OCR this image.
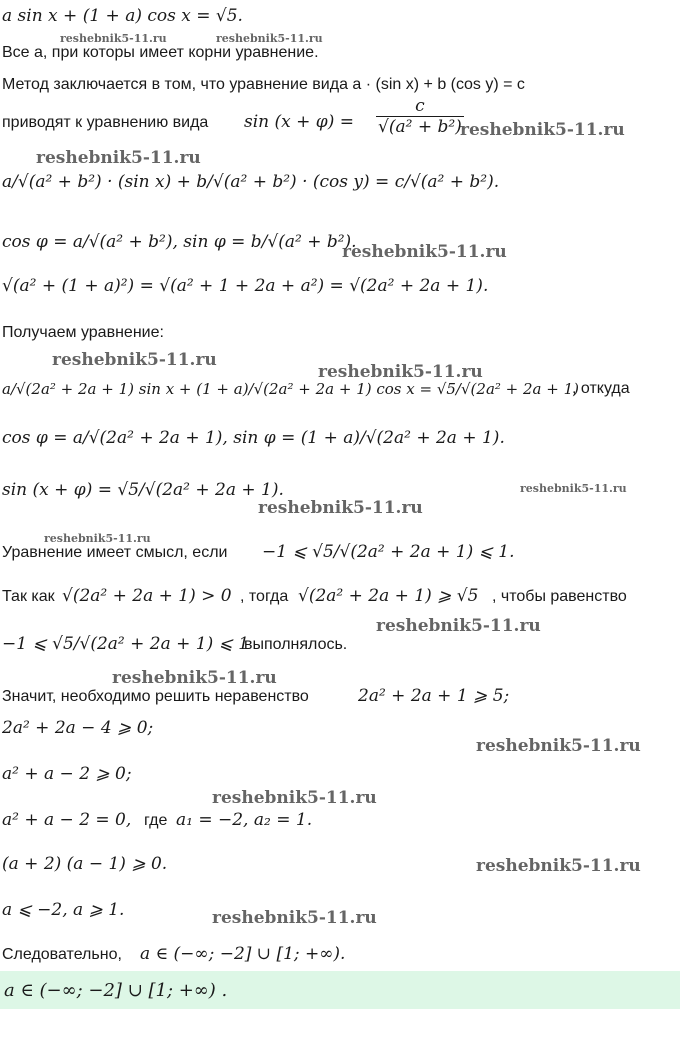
a sin x + (1 + a) cos x = √5.
reshebnik5-11.ru	reshebnik5-11.ru
Все a, при которы имеет корни уравнение.
Метод заключается в том, что уравнение вида a · (sin x) + b (cos y) = c
приводят к уравнению вида $\sin (x + \varphi) = \frac{c}{\text{√(a² + b²)}}$
reshebnik5-11.ru
reshebnik5-11.ru
a/√(a² + b²) · (sin x) + b/√(a² + b²) · (cos y) = c/√(a² + b²).
cos φ = a/√(a² + b²), sin φ = b/√(a² + b²).
reshebnik5-11.ru
√(a² + (1 + a)²) = √(a² + 1 + 2a + a²) = √(2a² + 2a + 1).
Получаем уравнение:
reshebnik5-11.ru
a/√(2a² + 2a + 1) sin x + (1 + a)/√(2a² + 2a + 1) cos x = √5/√(2a² + 2a + 1)
, откуда
reshebnik5-11.ru
cos φ = a/√(2a² + 2a + 1), sin φ = (1 + a)/√(2a² + 2a + 1).
sin (x + φ) = √5/√(2a² + 2a + 1).	reshebnik5-11.ru
reshebnik5-11.ru
reshebnik5-11.ru
Уравнение имеет смысл, если −1 ⩽ √5/√(2a² + 2a + 1) ⩽ 1.
Так как √(2a² + 2a + 1) > 0 , тогда √(2a² + 2a + 1) ⩾ √5 , чтобы равенство
−1 ⩽ √5/√(2a² + 2a + 1) ⩽ 1
выполнялось.
reshebnik5-11.ru
reshebnik5-11.ru
Значит, необходимо решить неравенство	2a² + 2a + 1 ⩾ 5;
2a² + 2a − 4 ⩾ 0;
reshebnik5-11.ru
a² + a − 2 ⩾ 0;
reshebnik5-11.ru
a² + a − 2 = 0, где a₁ = −2, a₂ = 1.
(a + 2) (a − 1) ⩾ 0.	reshebnik5-11.ru
a ⩽ −2, a ⩾ 1.	reshebnik5-11.ru
Следовательно, a ∈ (−∞; −2] ∪ [1; +∞).
a ∈ (−∞; −2] ∪ [1; +∞) .
